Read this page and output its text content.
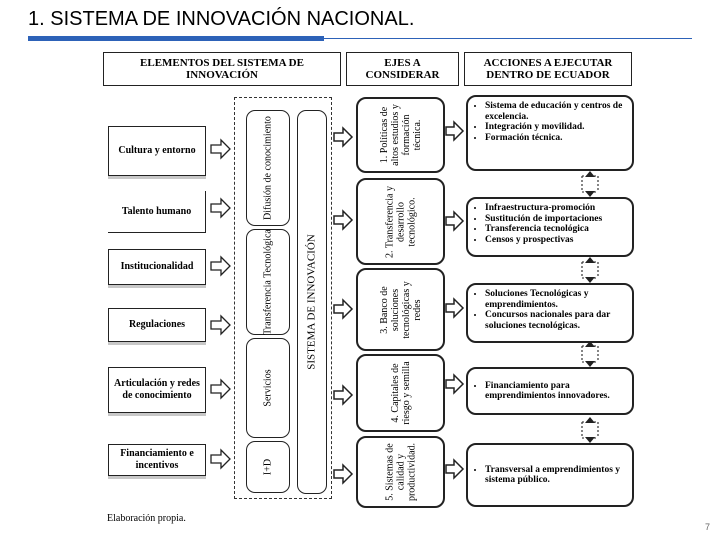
1. SISTEMA DE INNOVACIÓN NACIONAL.
ELEMENTOS DEL SISTEMA DE INNOVACIÓN
EJES A CONSIDERAR
ACCIONES A EJECUTAR DENTRO DE ECUADOR
Cultura y entorno
Talento humano
Institucionalidad
Regulaciones
Articulación y redes de conocimiento
Financiamiento e incentivos
Difusión de conocimiento
Transferencia Tecnológica
Servicios
I+D
SISTEMA DE INNOVACIÓN
1. Políticas de altos estudios y formación técnica.
2. Transferencia y desarrollo tecnológico.
3. Banco de soluciones tecnológicas y redes
4. Capitales de riesgo y semilla
5. Sistemas de calidad y productividad.
• Sistema de educación y centros de excelencia.
• Integración y movilidad.
• Formación técnica.
• Infraestructura-promoción
• Sustitución de importaciones
• Transferencia tecnológica
• Censos y prospectivas
• Soluciones Tecnológicas y emprendimientos.
• Concursos nacionales para dar soluciones tecnológicas.
• Financiamiento para emprendimientos innovadores.
• Transversal a emprendimientos y sistema público.
Elaboración propia.
7
